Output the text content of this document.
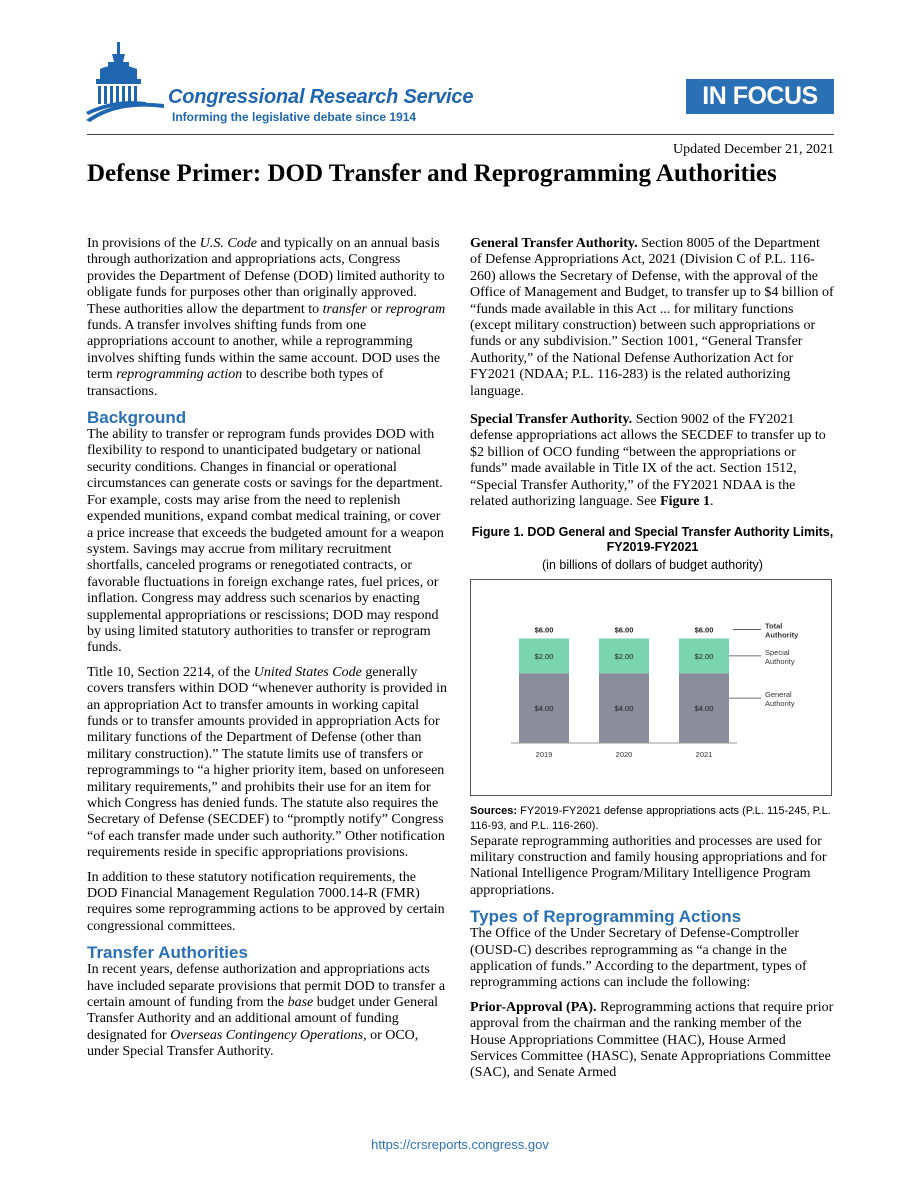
Congressional Research Service
Informing the legislative debate since 1914
IN FOCUS
Updated December 21, 2021
Defense Primer: DOD Transfer and Reprogramming Authorities

In provisions of the U.S. Code and typically on an annual basis through authorization and appropriations acts, Congress provides the Department of Defense (DOD) limited authority to obligate funds for purposes other than originally approved. These authorities allow the department to transfer or reprogram funds. A transfer involves shifting funds from one appropriations account to another, while a reprogramming involves shifting funds within the same account. DOD uses the term reprogramming action to describe both types of transactions.

Background

The ability to transfer or reprogram funds provides DOD with flexibility to respond to unanticipated budgetary or national security conditions. Changes in financial or operational circumstances can generate costs or savings for the department. For example, costs may arise from the need to replenish expended munitions, expand combat medical training, or cover a price increase that exceeds the budgeted amount for a weapon system. Savings may accrue from military recruitment shortfalls, canceled programs or renegotiated contracts, or favorable fluctuations in foreign exchange rates, fuel prices, or inflation. Congress may address such scenarios by enacting supplemental appropriations or rescissions; DOD may respond by using limited statutory authorities to transfer or reprogram funds.

Title 10, Section 2214, of the United States Code generally covers transfers within DOD “whenever authority is provided in an appropriation Act to transfer amounts in working capital funds or to transfer amounts provided in appropriation Acts for military functions of the Department of Defense (other than military construction).” The statute limits use of transfers or reprogrammings to “a higher priority item, based on unforeseen military requirements,” and prohibits their use for an item for which Congress has denied funds. The statute also requires the Secretary of Defense (SECDEF) to “promptly notify” Congress “of each transfer made under such authority.” Other notification requirements reside in specific appropriations provisions.

In addition to these statutory notification requirements, the DOD Financial Management Regulation 7000.14-R (FMR) requires some reprogramming actions to be approved by certain congressional committees.

Transfer Authorities

In recent years, defense authorization and appropriations acts have included separate provisions that permit DOD to transfer a certain amount of funding from the base budget under General Transfer Authority and an additional amount of funding designated for Overseas Contingency Operations, or OCO, under Special Transfer Authority.

General Transfer Authority. Section 8005 of the Department of Defense Appropriations Act, 2021 (Division C of P.L. 116-260) allows the Secretary of Defense, with the approval of the Office of Management and Budget, to transfer up to $4 billion of “funds made available in this Act ... for military functions (except military construction) between such appropriations or funds or any subdivision.” Section 1001, “General Transfer Authority,” of the National Defense Authorization Act for FY2021 (NDAA; P.L. 116-283) is the related authorizing language.

Special Transfer Authority. Section 9002 of the FY2021 defense appropriations act allows the SECDEF to transfer up to $2 billion of OCO funding “between the appropriations or funds” made available in Title IX of the act. Section 1512, “Special Transfer Authority,” of the FY2021 NDAA is the related authorizing language. See Figure 1.

Figure 1. DOD General and Special Transfer Authority Limits, FY2019-FY2021
(in billions of dollars of budget authority)
$4.00
$2.00
$6.00
2019
$4.00
$2.00
$6.00
2020
$4.00
$2.00
$6.00
2021
Total Authority
Special Authority
General Authority

Sources: FY2019-FY2021 defense appropriations acts (P.L. 115-245, P.L. 116-93, and P.L. 116-260).

Separate reprogramming authorities and processes are used for military construction and family housing appropriations and for National Intelligence Program/Military Intelligence Program appropriations.

Types of Reprogramming Actions

The Office of the Under Secretary of Defense-Comptroller (OUSD-C) describes reprogramming as “a change in the application of funds.” According to the department, types of reprogramming actions can include the following:

Prior-Approval (PA). Reprogramming actions that require prior approval from the chairman and the ranking member of the House Appropriations Committee (HAC), House Armed Services Committee (HASC), Senate Appropriations Committee (SAC), and Senate Armed

https://crsreports.congress.gov
